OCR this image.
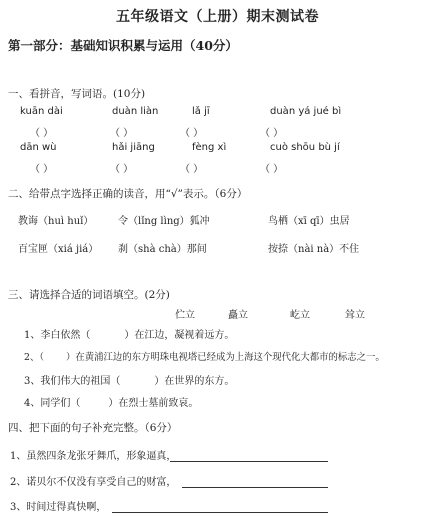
五年级语文（上册）期末测试卷
第一部分：基础知识积累与运用（40分）
一、看拼音，写词语。(10分)
kuān dài	duàn liàn	lǎ jī	duàn yá jué bì
（ ）	（ ）	（ ）	（ ）
dān wù	hǎi jiāng	fèng xì	cuò shōu bù jí
（ ）	（ ）	（ ）	（ ）
二、给带点字选择正确的读音，用“√”表示。（6分）
教诲（huì huǐ） 令（lǐng lìng）狐冲	鸟栖（xī qī）虫居
百宝匣（xiá jiá） 刹（shà chà）那间	按捺（nài nà）不住
三、请选择合适的词语填空。(2分)
伫立	矗立	屹立	耸立
1、李白依然（	）在江边，凝视着远方。
2、（ ）在黄浦江边的东方明珠电视塔已经成为上海这个现代化大都市的标志之一。
3、我们伟大的祖国（	）在世界的东方。
4、同学们（	）在烈士墓前致哀。
四、把下面的句子补充完整。（6分）
1、虽然四条龙张牙舞爪，形象逼真，
2、诺贝尔不仅没有享受自己的财富，
3、时间过得真快啊，
